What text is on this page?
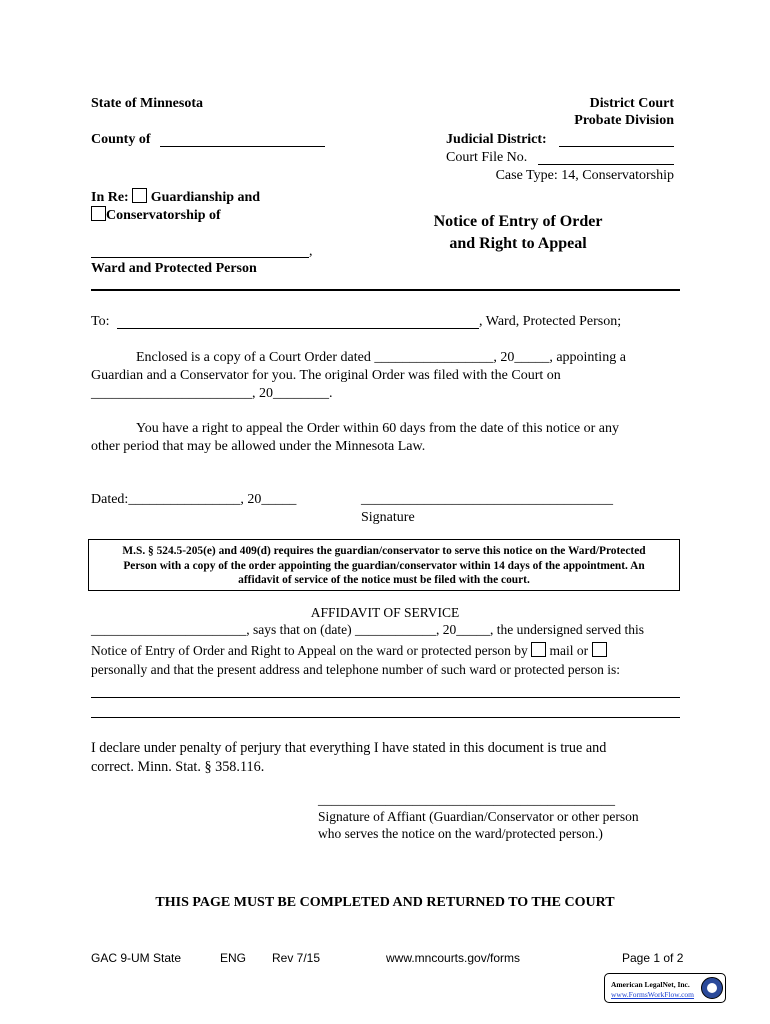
State of Minnesota
County of
District Court
Probate Division
Judicial District:
Court File No.
Case Type: 14, Conservatorship
In Re: Guardianship and
Conservatorship of
,
Ward and Protected Person
Notice of Entry of Order
and Right to Appeal
To:	, Ward, Protected Person;
Enclosed is a copy of a Court Order dated _________________, 20_____, appointing a
Guardian and a Conservator for you. The original Order was filed with the Court on
_______________________, 20________.
You have a right to appeal the Order within 60 days from the date of this notice or any
other period that may be allowed under the Minnesota Law.
Dated:________________, 20_____	____________________________________
Signature
M.S. § 524.5-205(e) and 409(d) requires the guardian/conservator to serve this notice on the Ward/Protected
Person with a copy of the order appointing the guardian/conservator within 14 days of the appointment. An
affidavit of service of the notice must be filed with the court.
AFFIDAVIT OF SERVICE
_______________________, says that on (date) ____________, 20_____, the undersigned served this
Notice of Entry of Order and Right to Appeal on the ward or protected person by mail or
personally and that the present address and telephone number of such ward or protected person is:
I declare under penalty of perjury that everything I have stated in this document is true and
correct. Minn. Stat. § 358.116.
____________________________________________
Signature of Affiant (Guardian/Conservator or other person
who serves the notice on the ward/protected person.)
THIS PAGE MUST BE COMPLETED AND RETURNED TO THE COURT
GAC 9-UM State	ENG Rev 7/15	www.mncourts.gov/forms	Page 1 of 2
American LegalNet, Inc.
www.FormsWorkFlow.com
